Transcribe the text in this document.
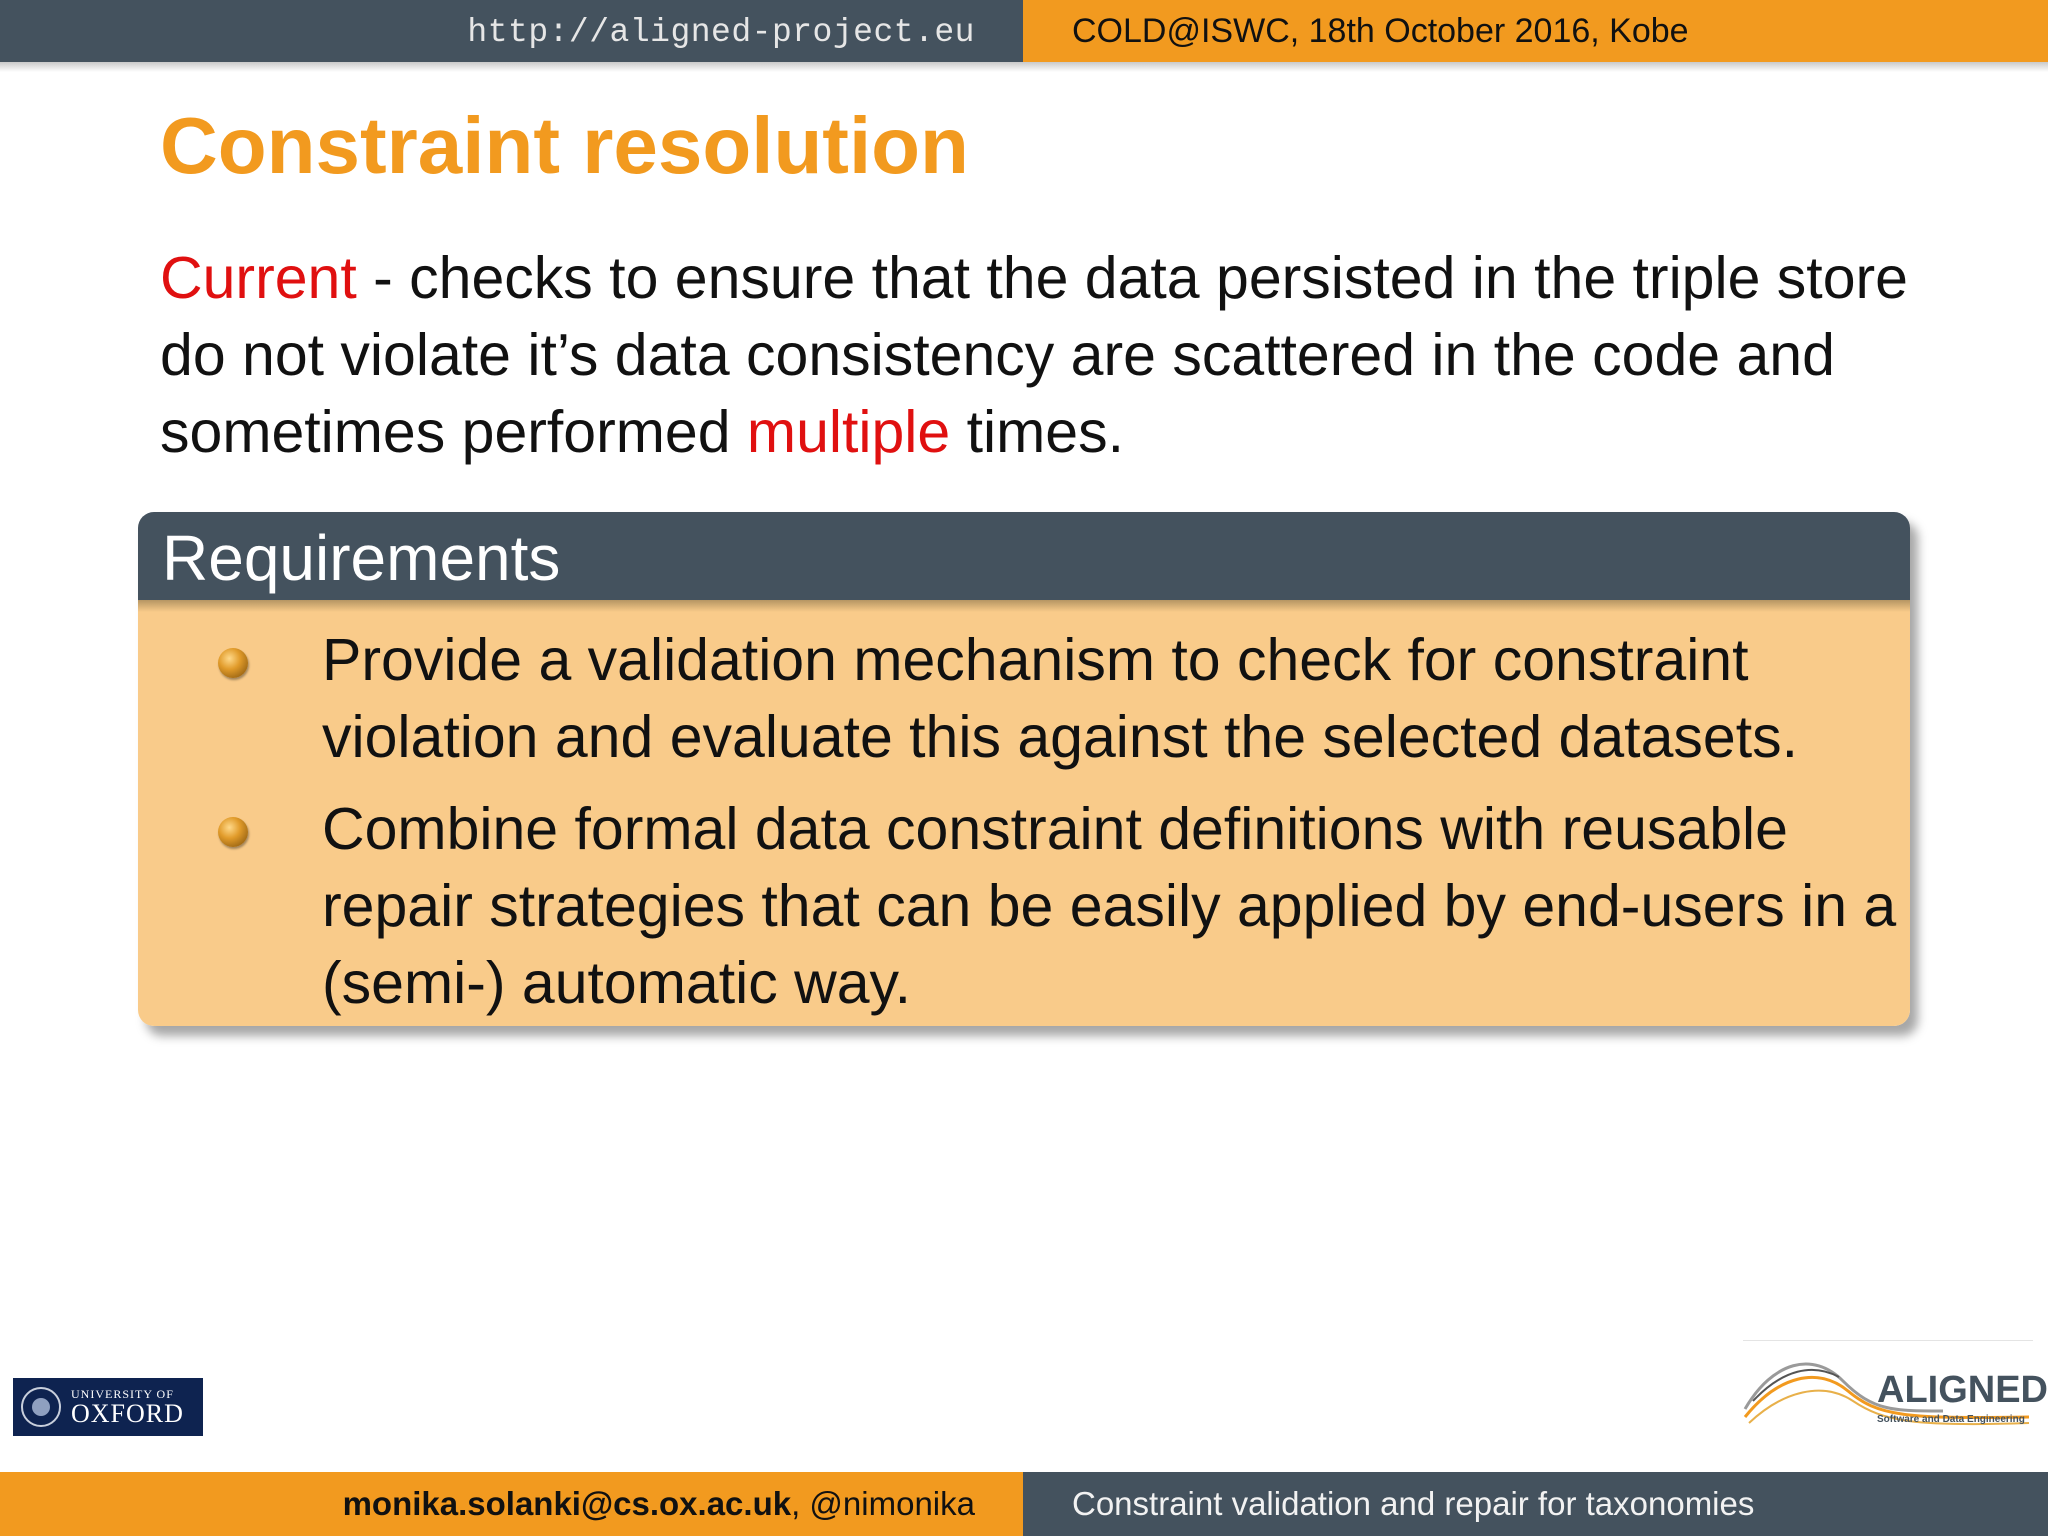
http://aligned-project.eu	COLD@ISWC, 18th October 2016, Kobe
Constraint resolution

Current - checks to ensure that the data persisted in the triple store do not violate it’s data consistency are scattered in the code and sometimes performed multiple times.

Requirements
Provide a validation mechanism to check for constraint violation and evaluate this against the selected datasets.
Combine formal data constraint definitions with reusable repair strategies that can be easily applied by end-users in a (semi-) automatic way.
UNIVERSITY OF
OXFORD
ALIGNED
Software and Data Engineering
monika.solanki@cs.ox.ac.uk, @nimonika	Constraint validation and repair for taxonomies
